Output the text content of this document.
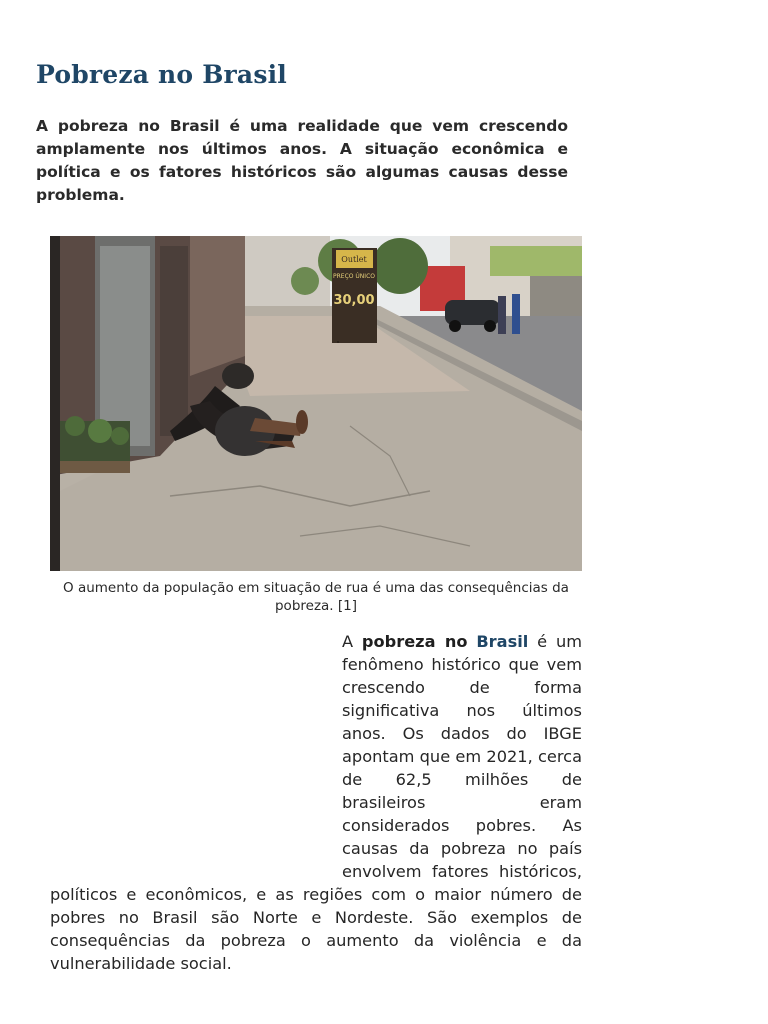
Pobreza no Brasil

A pobreza no Brasil é uma realidade que vem crescendo amplamente nos últimos anos. A situação econômica e política e os fatores históricos são algumas causas desse problema.

Outlet
PREÇO ÚNICO
30,00

O aumento da população em situação de rua é uma das consequências da pobreza. [1]

A pobreza no Brasil é um fenômeno histórico que vem crescendo de forma significativa nos últimos anos. Os dados do IBGE apontam que em 2021, cerca de 62,5 milhões de brasileiros eram considerados pobres. As causas da pobreza no país envolvem fatores históricos, políticos e econômicos, e as regiões com o maior número de pobres no Brasil são Norte e Nordeste. São exemplos de consequências da pobreza o aumento da violência e da vulnerabilidade social.
